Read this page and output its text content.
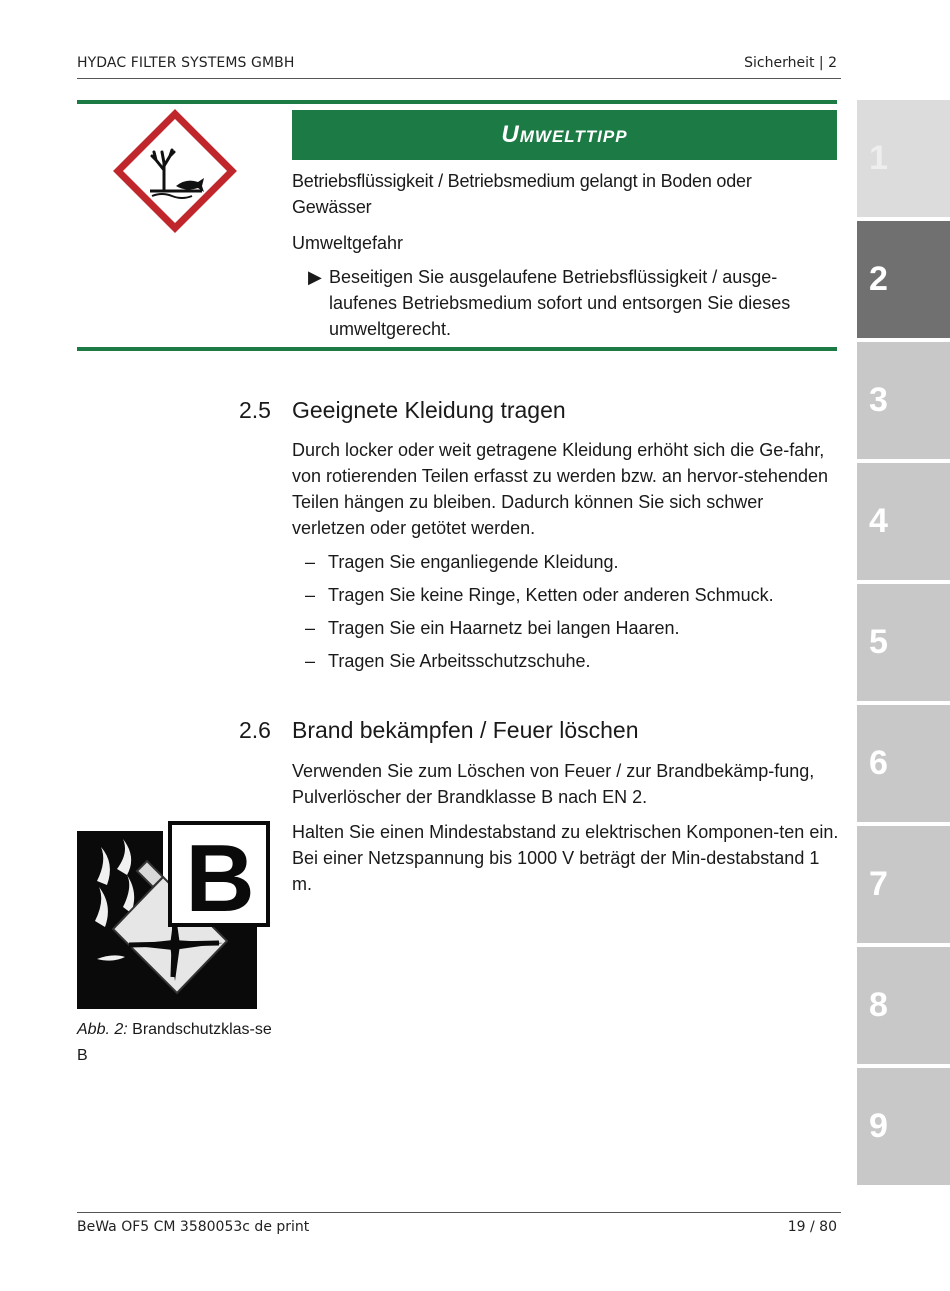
HYDAC FILTER SYSTEMS GMBH	Sicherheit | 2
1
2
3
4
5
6
7
8
9
Umwelttipp
Betriebsflüssigkeit / Betriebsmedium gelangt in Boden oder Gewässer
Umweltgefahr
▶ Beseitigen Sie ausgelaufene Betriebsflüssigkeit / ausge-laufenes Betriebsmedium sofort und entsorgen Sie dieses umweltgerecht.
2.5 Geeignete Kleidung tragen
Durch locker oder weit getragene Kleidung erhöht sich die Ge-fahr, von rotierenden Teilen erfasst zu werden bzw. an hervor-stehenden Teilen hängen zu bleiben. Dadurch können Sie sich schwer verletzen oder getötet werden.
– Tragen Sie enganliegende Kleidung.
– Tragen Sie keine Ringe, Ketten oder anderen Schmuck.
– Tragen Sie ein Haarnetz bei langen Haaren.
– Tragen Sie Arbeitsschutzschuhe.
2.6 Brand bekämpfen / Feuer löschen
Verwenden Sie zum Löschen von Feuer / zur Brandbekämp-fung, Pulverlöscher der Brandklasse B nach EN 2.
Halten Sie einen Mindestabstand zu elektrischen Komponen-ten ein. Bei einer Netzspannung bis 1000 V beträgt der Min-destabstand 1 m.
B
Abb. 2: Brandschutzklas-se B
BeWa OF5 CM 3580053c de print	19 / 80
